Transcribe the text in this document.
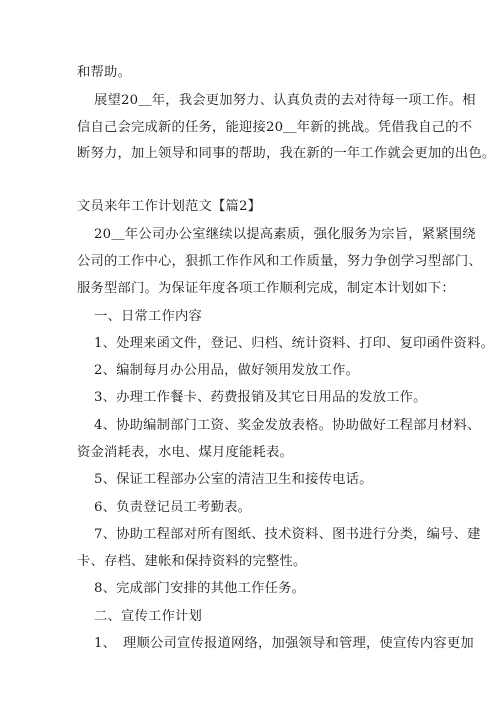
和帮助。
展望20＿年，我会更加努力、认真负责的去对待每一项工作。相
信自己会完成新的任务，能迎接20＿年新的挑战。凭借我自己的不
断努力，加上领导和同事的帮助，我在新的一年工作就会更加的出色。
文员来年工作计划范文【篇2】
20＿年公司办公室继续以提高素质，强化服务为宗旨，紧紧围绕
公司的工作中心，狠抓工作作风和工作质量，努力争创学习型部门、
服务型部门。为保证年度各项工作顺利完成，制定本计划如下：
一、日常工作内容
1、处理来函文件，登记、归档、统计资料、打印、复印函件资料。
2、编制每月办公用品，做好领用发放工作。
3、办理工作餐卡、药费报销及其它日用品的发放工作。
4、协助编制部门工资、奖金发放表格。协助做好工程部月材料、
资金消耗表，水电、煤月度能耗表。
5、保证工程部办公室的清洁卫生和接传电话。
6、负责登记员工考勤表。
7、协助工程部对所有图纸、技术资料、图书进行分类，编号、建
卡、存档、建帐和保持资料的完整性。
8、完成部门安排的其他工作任务。
二、宣传工作计划
1、　理顺公司宣传报道网络，加强领导和管理，使宣传内容更加
